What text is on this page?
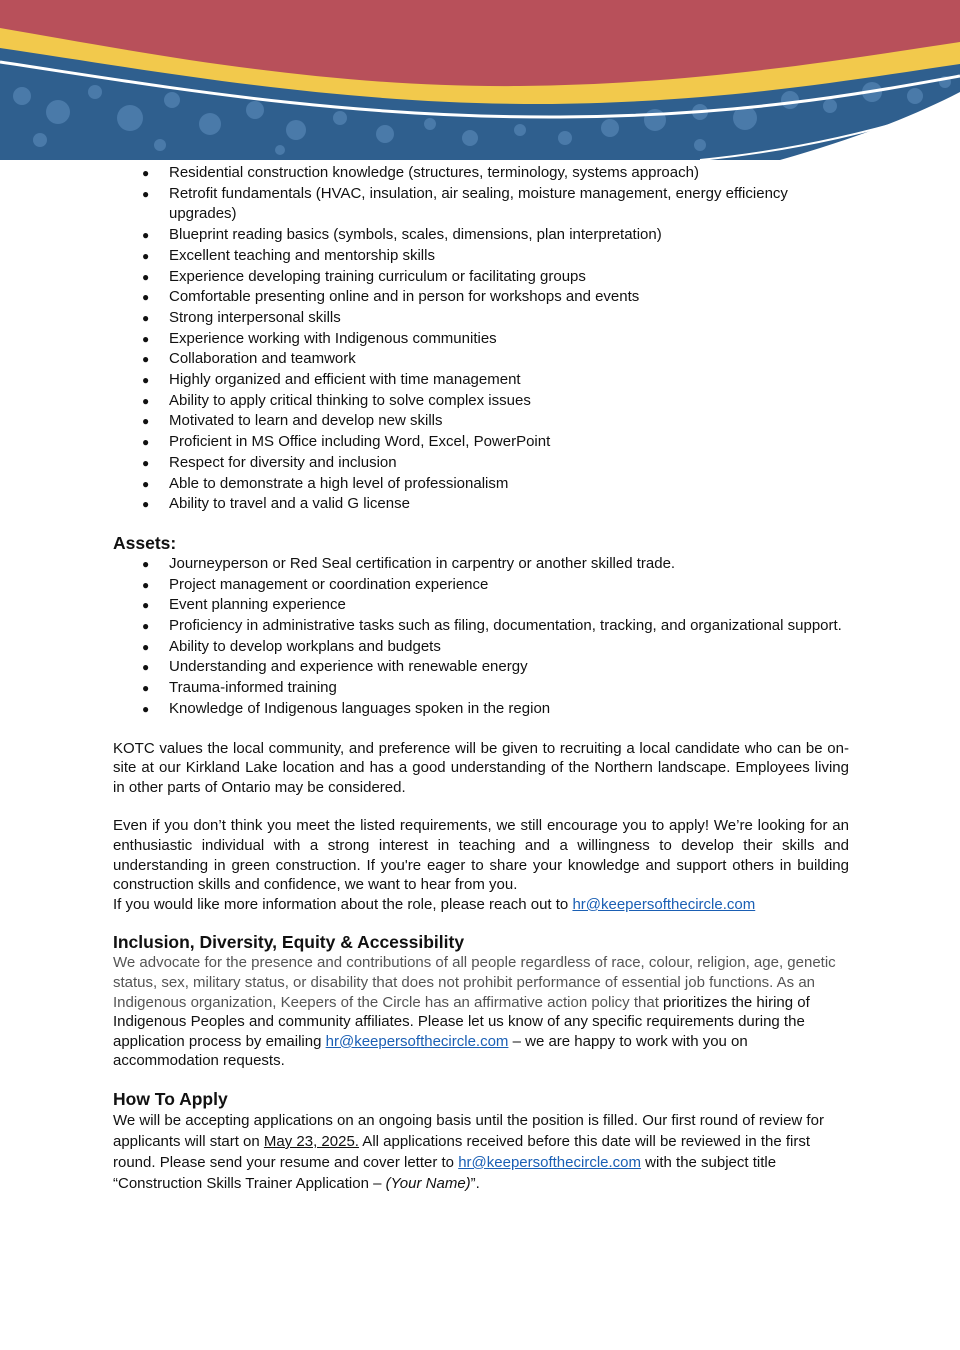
● Residential construction knowledge (structures, terminology, systems approach)
● Retrofit fundamentals (HVAC, insulation, air sealing, moisture management, energy efficiency upgrades)
● Blueprint reading basics (symbols, scales, dimensions, plan interpretation)
● Excellent teaching and mentorship skills
● Experience developing training curriculum or facilitating groups
● Comfortable presenting online and in person for workshops and events
● Strong interpersonal skills
● Experience working with Indigenous communities
● Collaboration and teamwork
● Highly organized and efficient with time management
● Ability to apply critical thinking to solve complex issues
● Motivated to learn and develop new skills
● Proficient in MS Office including Word, Excel, PowerPoint
● Respect for diversity and inclusion
● Able to demonstrate a high level of professionalism
● Ability to travel and a valid G license
Assets:
● Journeyperson or Red Seal certification in carpentry or another skilled trade.
● Project management or coordination experience
● Event planning experience
● Proficiency in administrative tasks such as filing, documentation, tracking, and organizational support.
● Ability to develop workplans and budgets
● Understanding and experience with renewable energy
● Trauma-informed training
● Knowledge of Indigenous languages spoken in the region

KOTC values the local community, and preference will be given to recruiting a local candidate who can be on-site at our Kirkland Lake location and has a good understanding of the Northern landscape. Employees living in other parts of Ontario may be considered.

Even if you don’t think you meet the listed requirements, we still encourage you to apply! We’re looking for an enthusiastic individual with a strong interest in teaching and a willingness to develop their skills and understanding in green construction. If you're eager to share your knowledge and support others in building construction skills and confidence, we want to hear from you.

If you would like more information about the role, please reach out to hr@keepersofthecircle.com

Inclusion, Diversity, Equity & Accessibility

We advocate for the presence and contributions of all people regardless of race, colour, religion, age, genetic status, sex, military status, or disability that does not prohibit performance of essential job functions. As an Indigenous organization, Keepers of the Circle has an affirmative action policy that prioritizes the hiring of Indigenous Peoples and community affiliates. Please let us know of any specific requirements during the application process by emailing hr@keepersofthecircle.com – we are happy to work with you on accommodation requests.

How To Apply

We will be accepting applications on an ongoing basis until the position is filled. Our first round of review for applicants will start on May 23, 2025. All applications received before this date will be reviewed in the first round. Please send your resume and cover letter to hr@keepersofthecircle.com with the subject title “Construction Skills Trainer Application – (Your Name)”.
